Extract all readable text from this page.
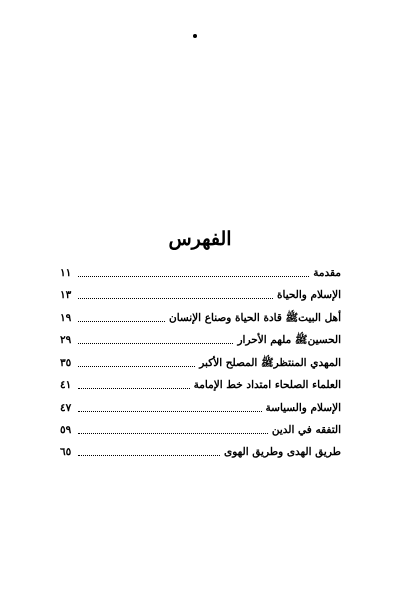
الفهرس
مقدمة
١١
الإسلام والحياة
١٣
أهل البيتﷺ قادة الحياة وصناع الإنسان
١٩
الحسينﷺ ملهم الأحرار
٢٩
المهدي المنتظرﷺ المصلح الأكبر
٣٥
العلماء الصلحاء امتداد خط الإمامة
٤١
الإسلام والسياسة
٤٧
التفقه في الدين
٥٩
طريق الهدى وطريق الهوى
٦٥
